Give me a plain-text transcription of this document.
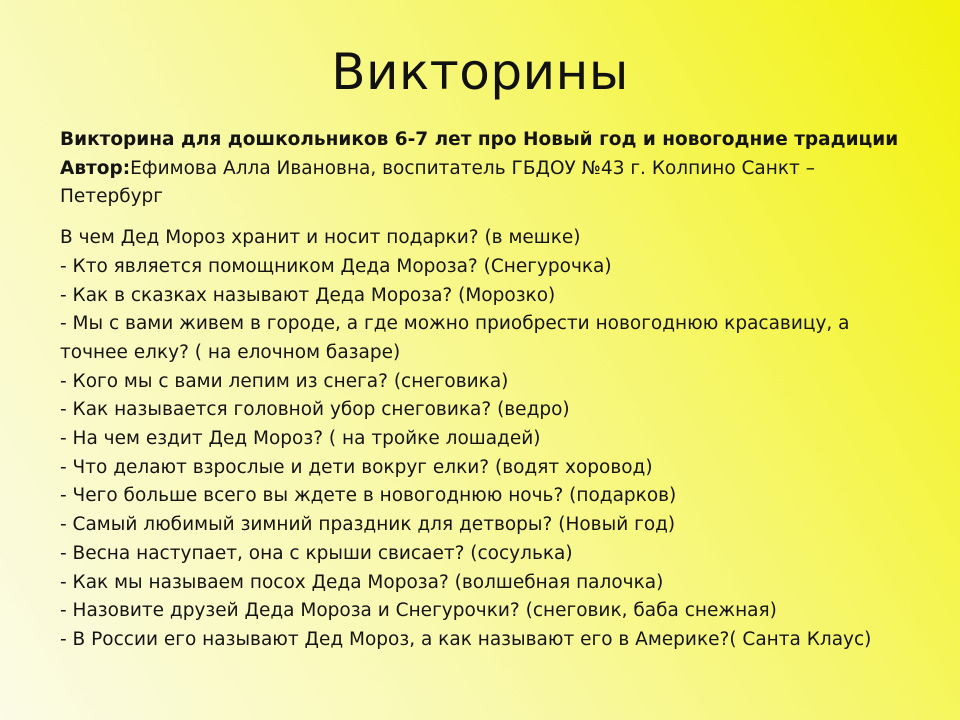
Викторины
Викторина для дошкольников 6-7 лет про Новый год и новогодние традиции

Автор:Ефимова Алла Ивановна, воспитатель ГБДОУ №43 г. Колпино Санкт – Петербург

В чем Дед Мороз хранит и носит подарки? (в мешке)
- Кто является помощником Деда Мороза? (Снегурочка)
- Как в сказках называют Деда Мороза? (Морозко)
- Мы с вами живем в городе, а где можно приобрести новогоднюю красавицу, а точнее елку? ( на елочном базаре)
- Кого мы с вами лепим из снега? (снеговика)
- Как называется головной убор снеговика? (ведро)
- На чем ездит Дед Мороз? ( на тройке лошадей)
- Что делают взрослые и дети вокруг елки? (водят хоровод)
- Чего больше всего вы ждете в новогоднюю ночь? (подарков)
- Самый любимый зимний праздник для детворы? (Новый год)
- Весна наступает, она с крыши свисает? (сосулька)
- Как мы называем посох Деда Мороза? (волшебная палочка)
- Назовите друзей Деда Мороза и Снегурочки? (снеговик, баба снежная)
- В России его называют Дед Мороз, а как называют его в Америке?( Санта Клаус)
